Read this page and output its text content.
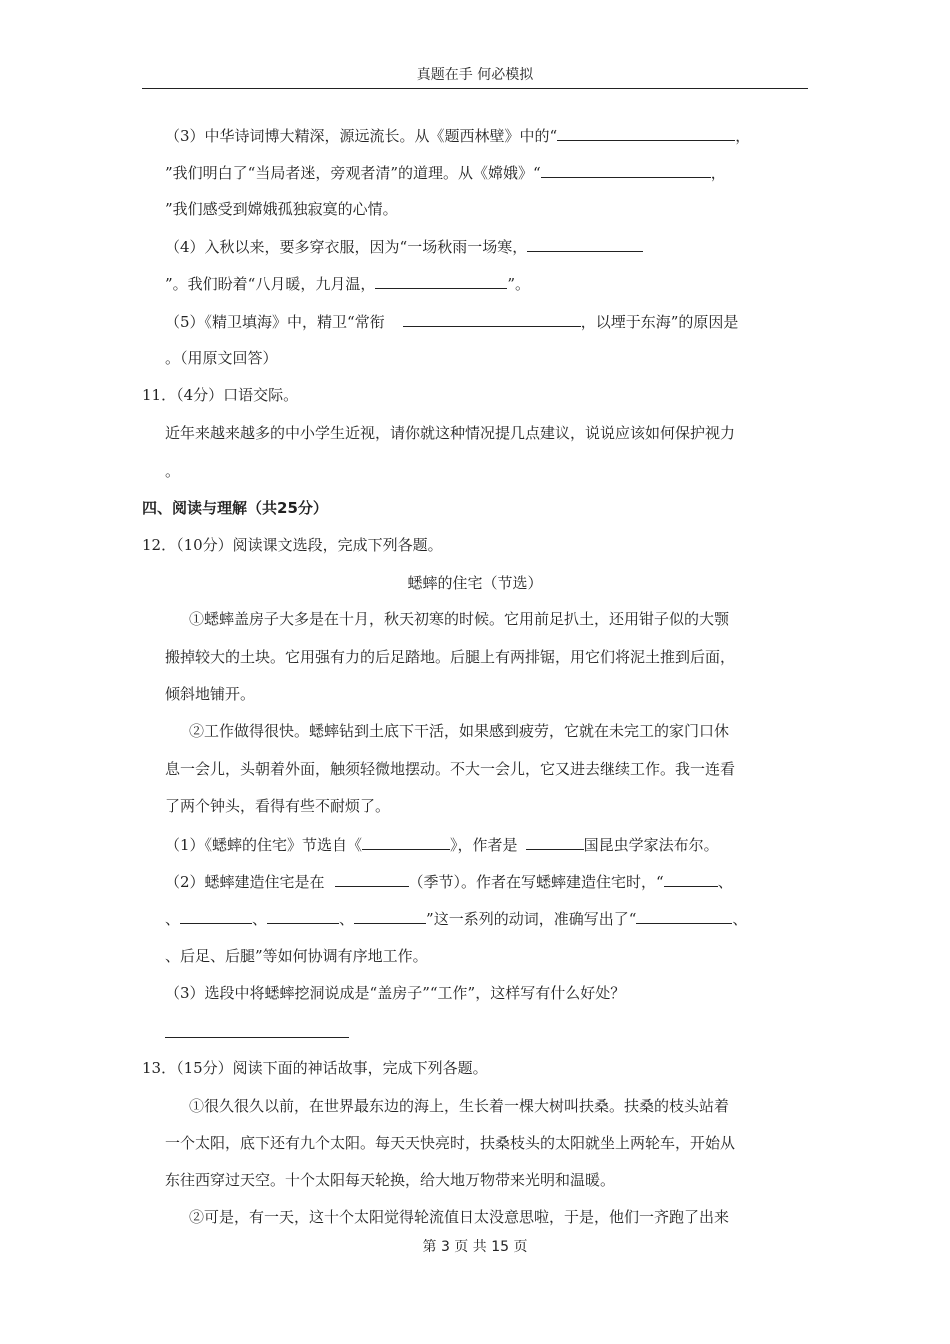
真题在手 何必模拟
（3）中华诗词博大精深，源远流长。从《题西林壁》中的“	，
”我们明白了“当局者迷，旁观者清”的道理。从《嫦娥》“	，
”我们感受到嫦娥孤独寂寞的心情。
（4）入秋以来，要多穿衣服，因为“一场秋雨一场寒，
”。我们盼着“八月暖，九月温，	”。
（5）《精卫填海》中，精卫“常衔	，以堙于东海”的原因是
。（用原文回答）
11．（4分）口语交际。
近年来越来越多的中小学生近视，请你就这种情况提几点建议，说说应该如何保护视力
。
四、阅读与理解（共25分）
12．（10分）阅读课文选段，完成下列各题。
蟋蟀的住宅（节选）
①蟋蟀盖房子大多是在十月，秋天初寒的时候。它用前足扒土，还用钳子似的大颚
搬掉较大的土块。它用强有力的后足踏地。后腿上有两排锯，用它们将泥土推到后面，
倾斜地铺开。
②工作做得很快。蟋蟀钻到土底下干活，如果感到疲劳，它就在未完工的家门口休
息一会儿，头朝着外面，触须轻微地摆动。不大一会儿，它又进去继续工作。我一连看
了两个钟头，看得有些不耐烦了。
（1）《蟋蟀的住宅》节选自《	》，作者是	国昆虫学家法布尔。
（2）蟋蟀建造住宅是在	（季节）。作者在写蟋蟀建造住宅时，“	、
、	、	、	”这一系列的动词，准确写出了“	、
、后足、后腿”等如何协调有序地工作。
（3）选段中将蟋蟀挖洞说成是“盖房子”“工作”，这样写有什么好处？
13．（15分）阅读下面的神话故事，完成下列各题。
①很久很久以前，在世界最东边的海上，生长着一棵大树叫扶桑。扶桑的枝头站着
一个太阳，底下还有九个太阳。每天天快亮时，扶桑枝头的太阳就坐上两轮车，开始从
东往西穿过天空。十个太阳每天轮换，给大地万物带来光明和温暖。
②可是，有一天，这十个太阳觉得轮流值日太没意思啦，于是，他们一齐跑了出来
第 3 页 共 15 页
